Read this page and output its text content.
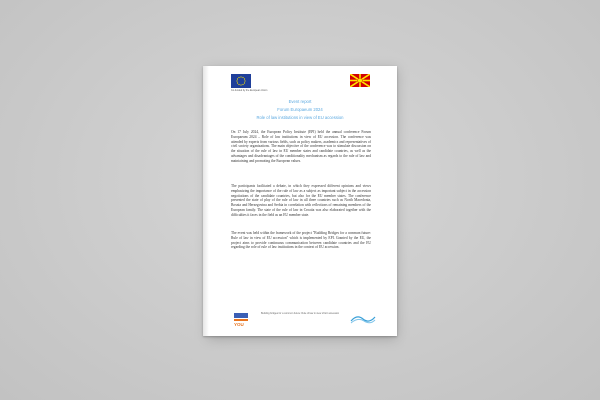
Co-funded by the European Union
Event report
Forum Europaeum 2024
Role of law institutions in view of EU accession
On 17 July 2024, the European Policy Institute (EPI) held the annual conference Forum Europaeum 2024 – Role of law institutions in view of EU accession. The conference was attended by experts from various fields, such as policy makers, academics and representatives of civil society organizations. The main objective of the conference was to stimulate discussion on the situation of the rule of law in EU member states and candidate countries, as well as the advantages and disadvantages of the conditionality mechanism as regards to the rule of law and maintaining and promoting the European values.
The participants facilitated a debate, in which they expressed different opinions and views emphasizing the importance of the rule of law as a subject as important subject in the accession negotiations of the candidate countries, but also for the EU member states. The conference presented the state of play of the rule of law in all three countries such as North Macedonia, Bosnia and Herzegovina and Serbia in correlation with reflections of remaining members of the European family. The state of the rule of law in Croatia was also elaborated together with the difficulties it faces in the field as an EU member state.
The event was held within the framework of the project "Building Bridges for a common future: Rule of law in view of EU accession" which is implemented by EPI. Granted by the EU, the project aims to provide continuous communication between candidate countries and the EU regarding the role of rule of law institutions in the context of EU accession.
YOU
Building bridges for a common future: Rule of law in view of EU accession
